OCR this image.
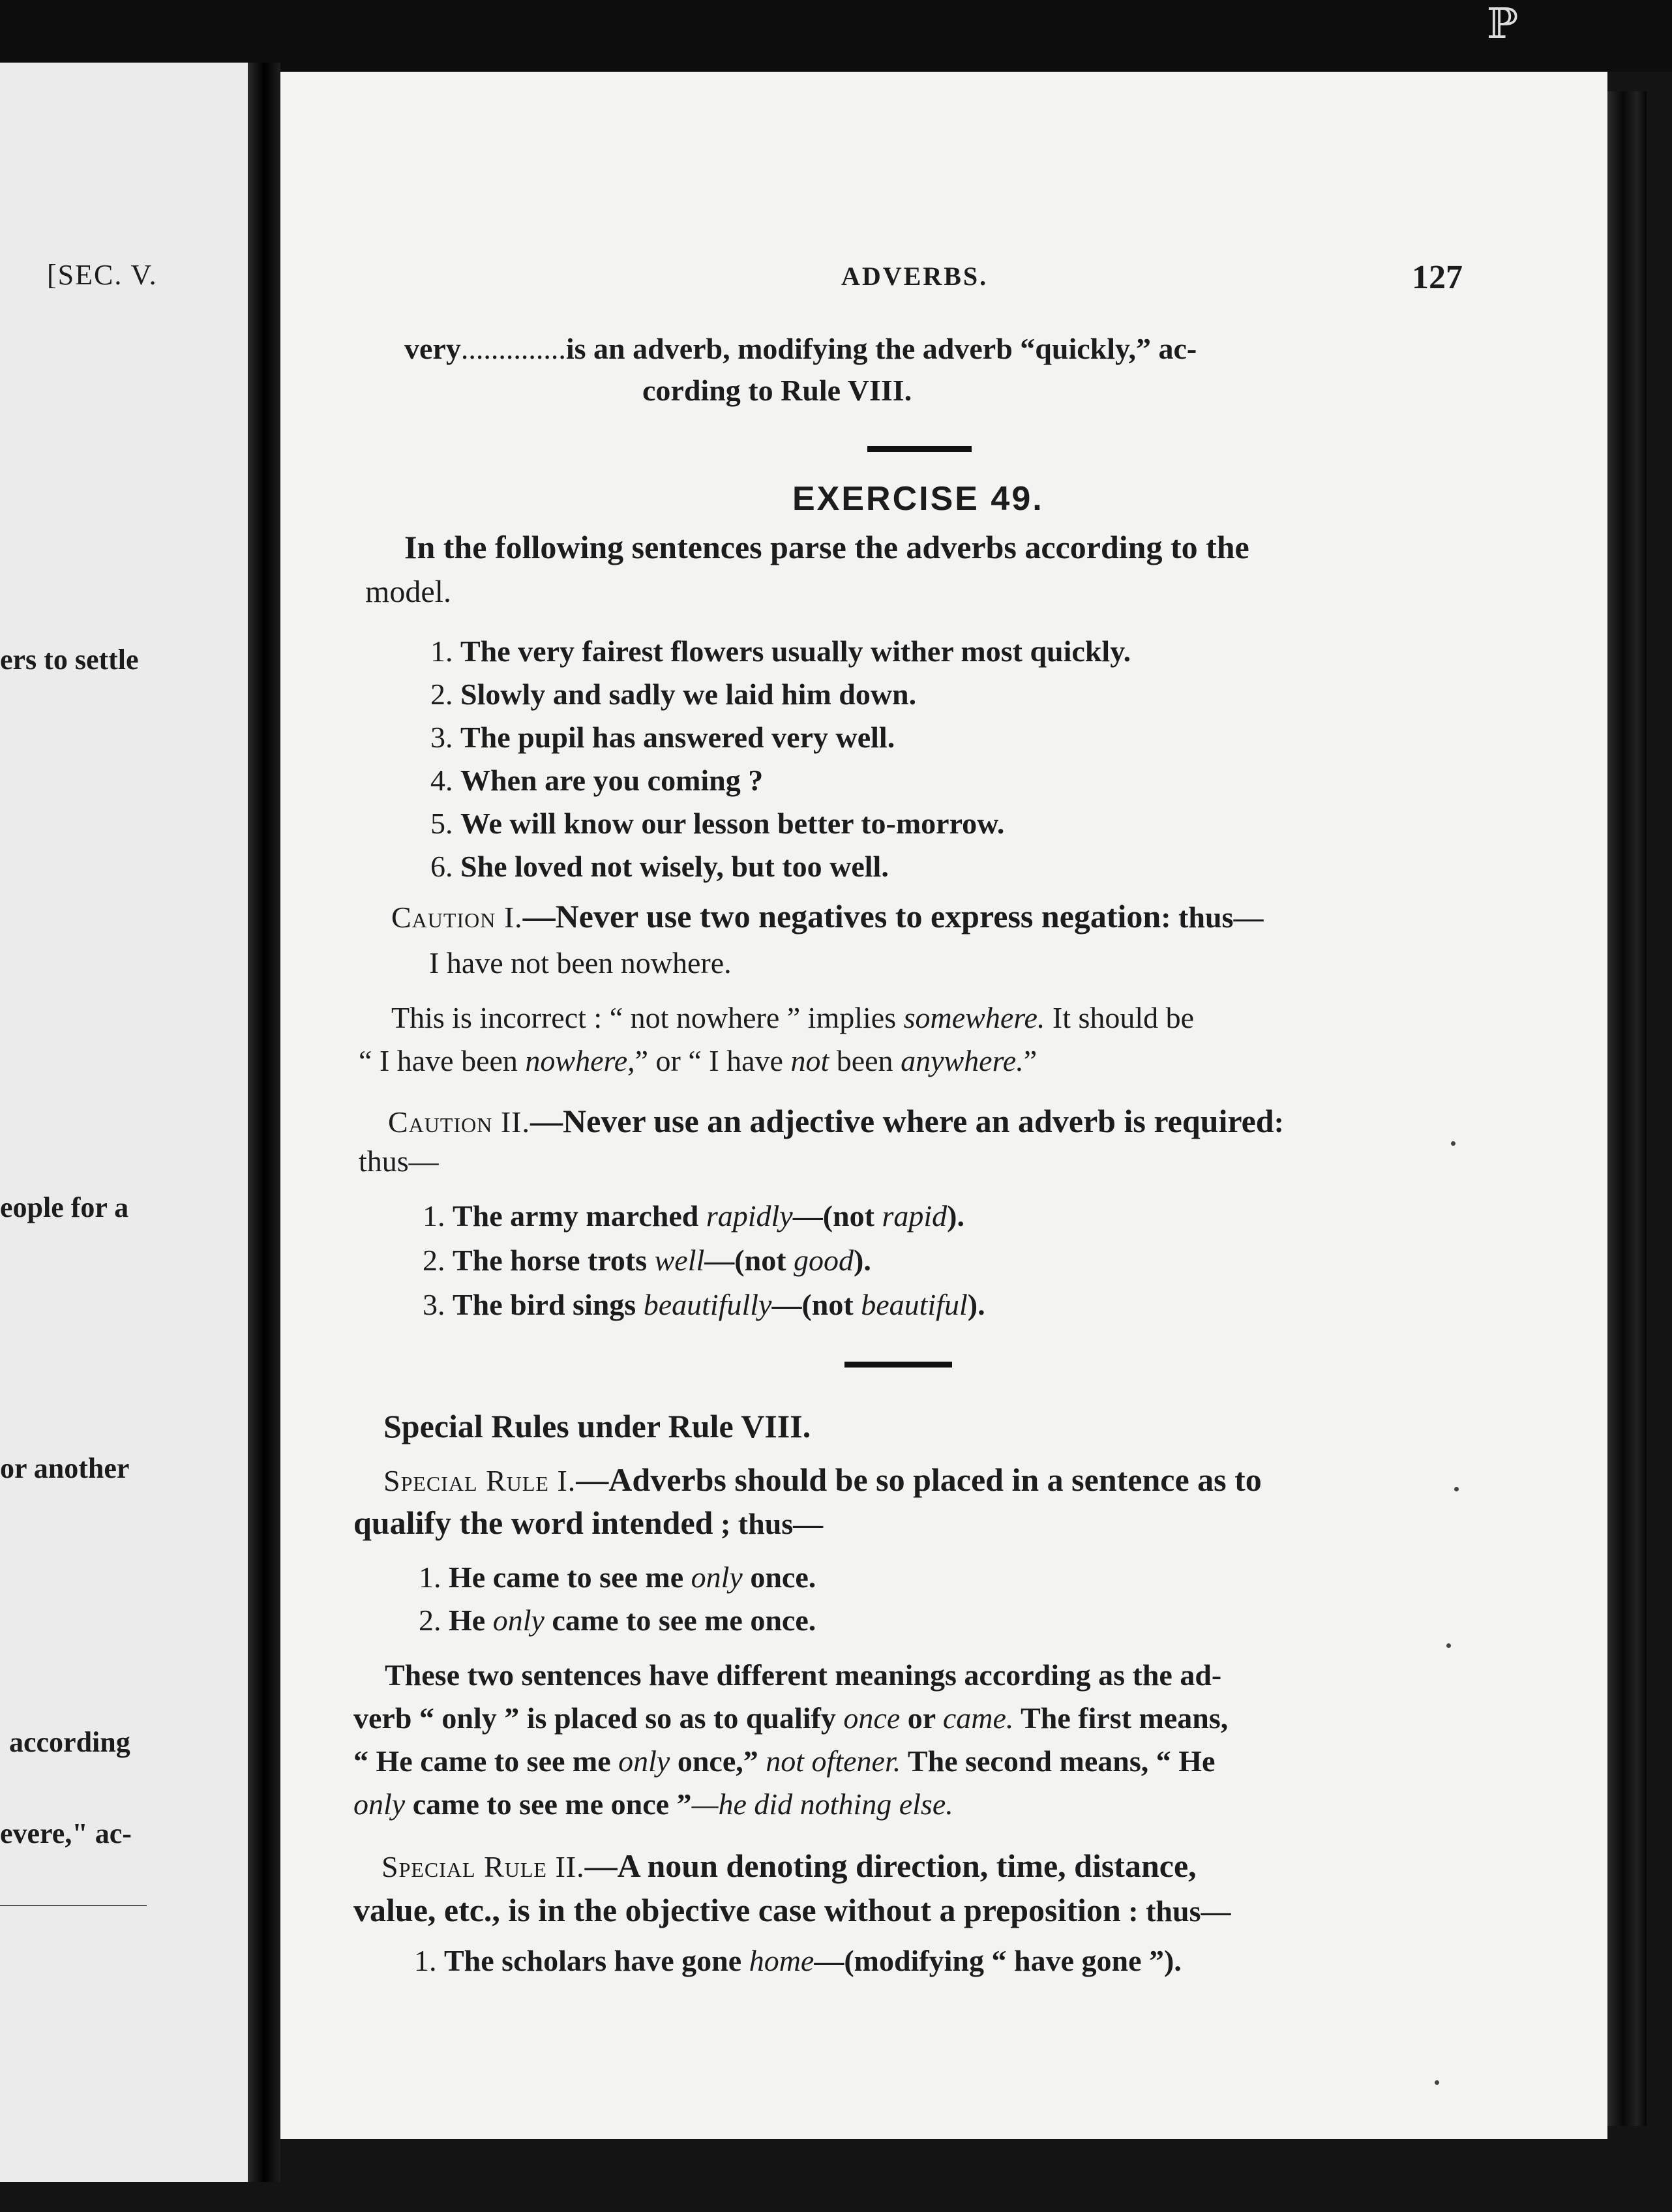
ℙ
[SEC. V.
ers to settle
eople for a
or another
according
evere," ac-
ADVERBS.	127
very..............is an adverb, modifying the adverb “quickly,” ac-
cording to Rule VIII.
EXERCISE 49.
In the following sentences parse the adverbs according to the
model.
1. The very fairest flowers usually wither most quickly.
2. Slowly and sadly we laid him down.
3. The pupil has answered very well.
4. When are you coming ?
5. We will know our lesson better to-morrow.
6. She loved not wisely, but too well.
Caution I.—Never use two negatives to express negation: thus—
I have not been nowhere.
This is incorrect : “ not nowhere ” implies somewhere. It should be
“ I have been nowhere,” or “ I have not been anywhere.”
Caution II.—Never use an adjective where an adverb is required:
thus—
1. The army marched rapidly—(not rapid).
2. The horse trots well—(not good).
3. The bird sings beautifully—(not beautiful).
Special Rules under Rule VIII.
Special Rule I.—Adverbs should be so placed in a sentence as to
qualify the word intended ; thus—
1. He came to see me only once.
2. He only came to see me once.
These two sentences have different meanings according as the ad-
verb “ only ” is placed so as to qualify once or came. The first means,
“ He came to see me only once,” not oftener. The second means, “ He
only came to see me once ”—he did nothing else.
Special Rule II.—A noun denoting direction, time, distance,
value, etc., is in the objective case without a preposition : thus—
1. The scholars have gone home—(modifying “ have gone ”).
